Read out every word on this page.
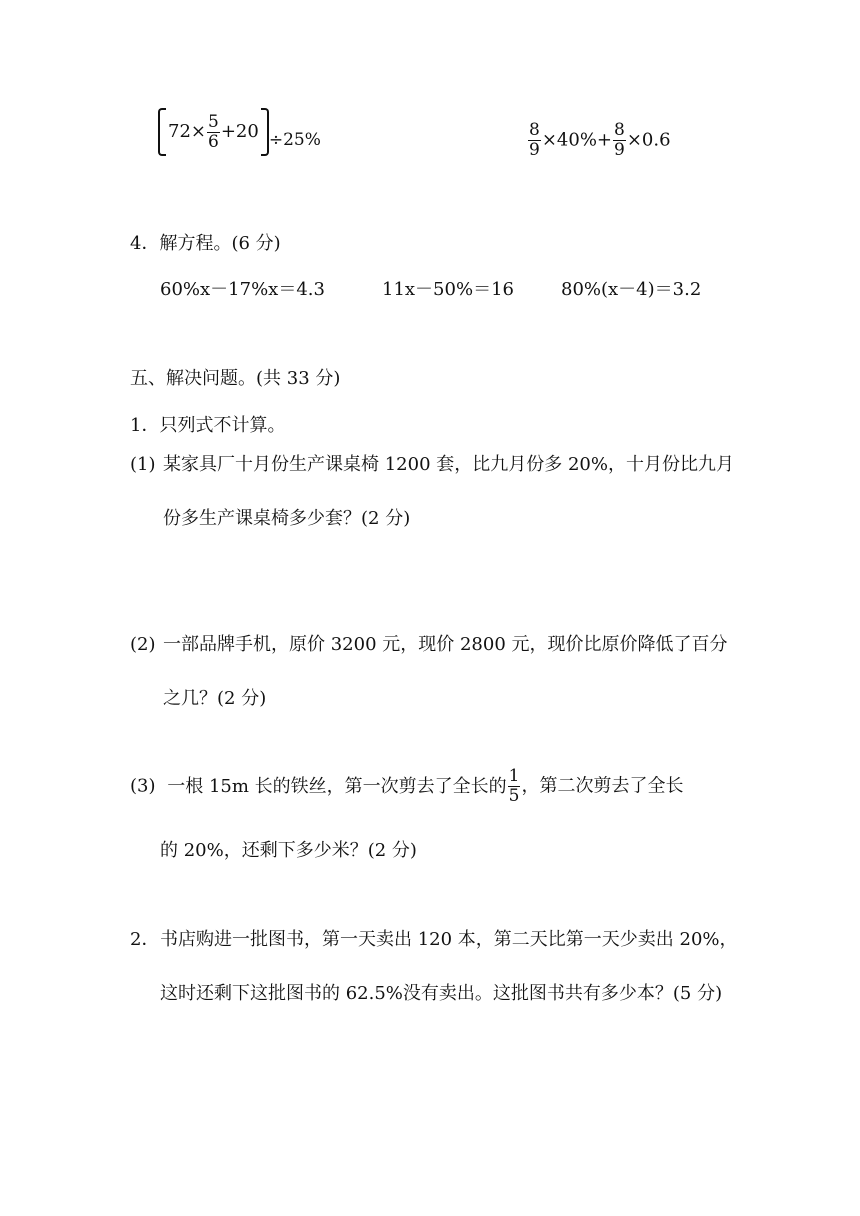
$72\times \frac{5}{6} +20 \div 25\%$	$\frac{8}{9} \times 40\%+ \frac{8}{9} \times 0.6$
4．解方程。(6 分)
60%x－17%x＝4.3	11x－50%＝16	80%(x－4)＝3.2
五、解决问题。(共 33 分)
1．只列式不计算。
(1) 某家具厂十月份生产课桌椅 1200 套，比九月份多 20%，十月份比九月份多生产课桌椅多少套？(2 分)
(2) 一部品牌手机，原价 3200 元，现价 2800 元，现价比原价降低了百分之几？(2 分)
(3) 一根 15m 长的铁丝，第一次剪去了全长的 $\frac{1}{5}$ ，第二次剪去了全长
的 20%，还剩下多少米？(2 分)
2． 书店购进一批图书，第一天卖出 120 本，第二天比第一天少卖出 20%，这时还剩下这批图书的 62.5%没有卖出。这批图书共有多少本？(5 分)
